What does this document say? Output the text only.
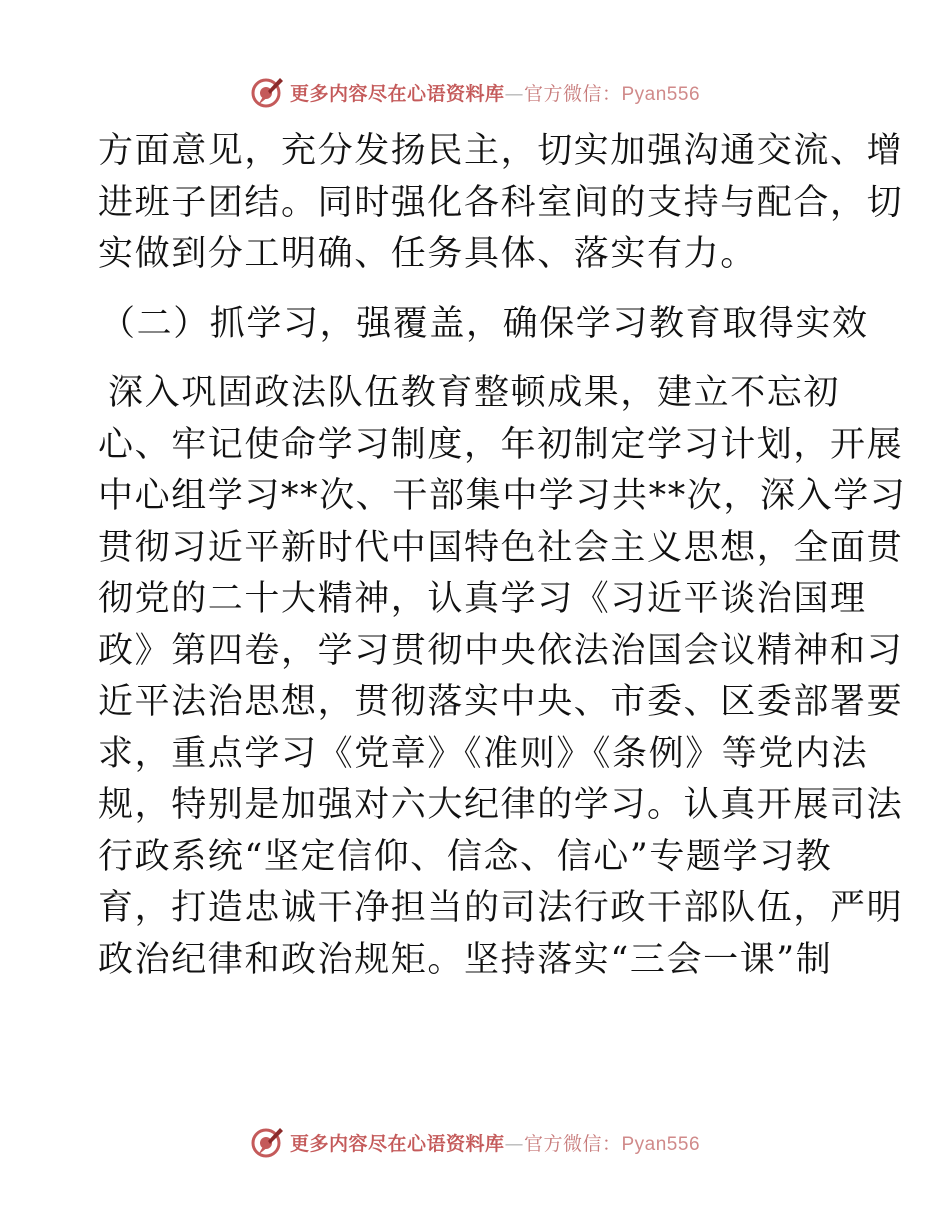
更多内容尽在心语资料库—官方微信：Pyan556
方面意见，充分发扬民主，切实加强沟通交流、增
进班子团结。同时强化各科室间的支持与配合，切
实做到分工明确、任务具体、落实有力。
（二）抓学习，强覆盖，确保学习教育取得实效
深入巩固政法队伍教育整顿成果，建立不忘初
心、牢记使命学习制度，年初制定学习计划，开展
中心组学习**次、干部集中学习共**次，深入学习
贯彻习近平新时代中国特色社会主义思想，全面贯
彻党的二十大精神，认真学习《习近平谈治国理
政》第四卷，学习贯彻中央依法治国会议精神和习
近平法治思想，贯彻落实中央、市委、区委部署要
求，重点学习《党章》《准则》《条例》等党内法
规，特别是加强对六大纪律的学习。认真开展司法
行政系统“坚定信仰、信念、信心”专题学习教
育，打造忠诚干净担当的司法行政干部队伍，严明
政治纪律和政治规矩。坚持落实“三会一课”制
更多内容尽在心语资料库—官方微信：Pyan556
